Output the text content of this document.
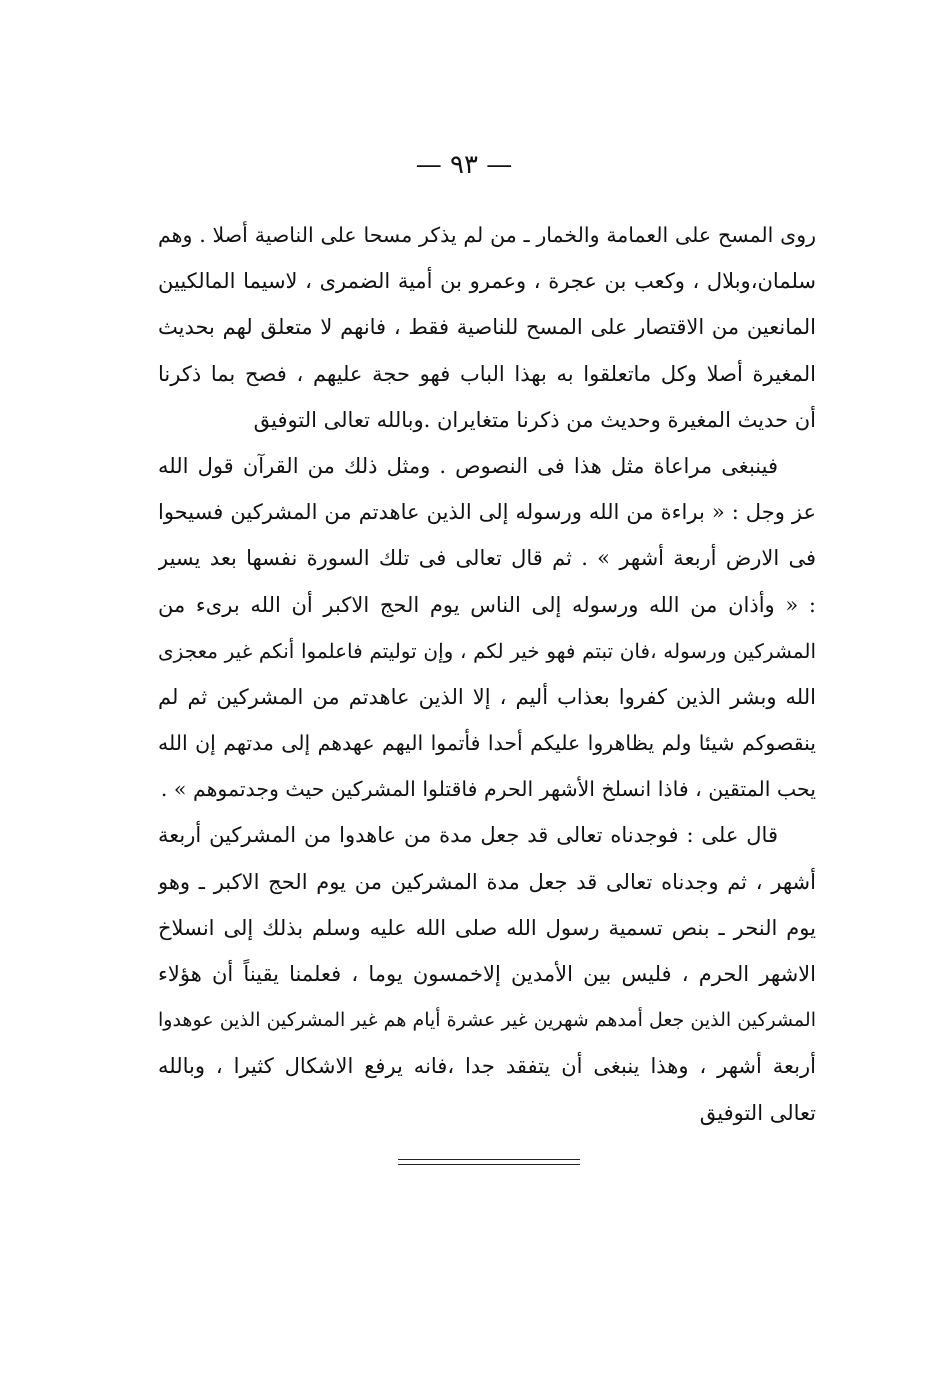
— ٩٣ —
روى المسح على العمامة والخمار ـ من لم يذكر مسحا على الناصية أصلا . وهم
سلمان،وبلال ، وكعب بن عجرة ، وعمرو بن أمية الضمرى ، لاسيما المالكيين
المانعين من الاقتصار على المسح للناصية فقط ، فانهم لا متعلق لهم بحديث
المغيرة أصلا وكل ماتعلقوا به بهذا الباب فهو حجة عليهم ، فصح بما ذكرنا
أن حديث المغيرة وحديث من ذكرنا متغايران .وبالله تعالى التوفيق
فينبغى مراعاة مثل هذا فى النصوص . ومثل ذلك من القرآن قول الله
عز وجل : « براءة من الله ورسوله إلى الذين عاهدتم من المشركين فسيحوا
فى الارض أربعة أشهر » . ثم قال تعالى فى تلك السورة نفسها بعد يسير
: « وأذان من الله ورسوله إلى الناس يوم الحج الاكبر أن الله برىء من
المشركين ورسوله ،فان تبتم فهو خير لكم ، وإن توليتم فاعلموا أنكم غير معجزى
الله وبشر الذين كفروا بعذاب أليم ، إلا الذين عاهدتم من المشركين ثم لم
ينقصوكم شيئا ولم يظاهروا عليكم أحدا فأتموا اليهم عهدهم إلى مدتهم إن الله
يحب المتقين ، فاذا انسلخ الأشهر الحرم فاقتلوا المشركين حيث وجدتموهم » .
قال على : فوجدناه تعالى قد جعل مدة من عاهدوا من المشركين أربعة
أشهر ، ثم وجدناه تعالى قد جعل مدة المشركين من يوم الحج الاكبر ـ وهو
يوم النحر ـ بنص تسمية رسول الله صلى الله عليه وسلم بذلك إلى انسلاخ
الاشهر الحرم ، فليس بين الأمدين إلاخمسون يوما ، فعلمنا يقيناً أن هؤلاء
المشركين الذين جعل أمدهم شهرين غير عشرة أيام هم غير المشركين الذين عوهدوا
أربعة أشهر ، وهذا ينبغى أن يتفقد جدا ،فانه يرفع الاشكال كثيرا ، وبالله
تعالى التوفيق
